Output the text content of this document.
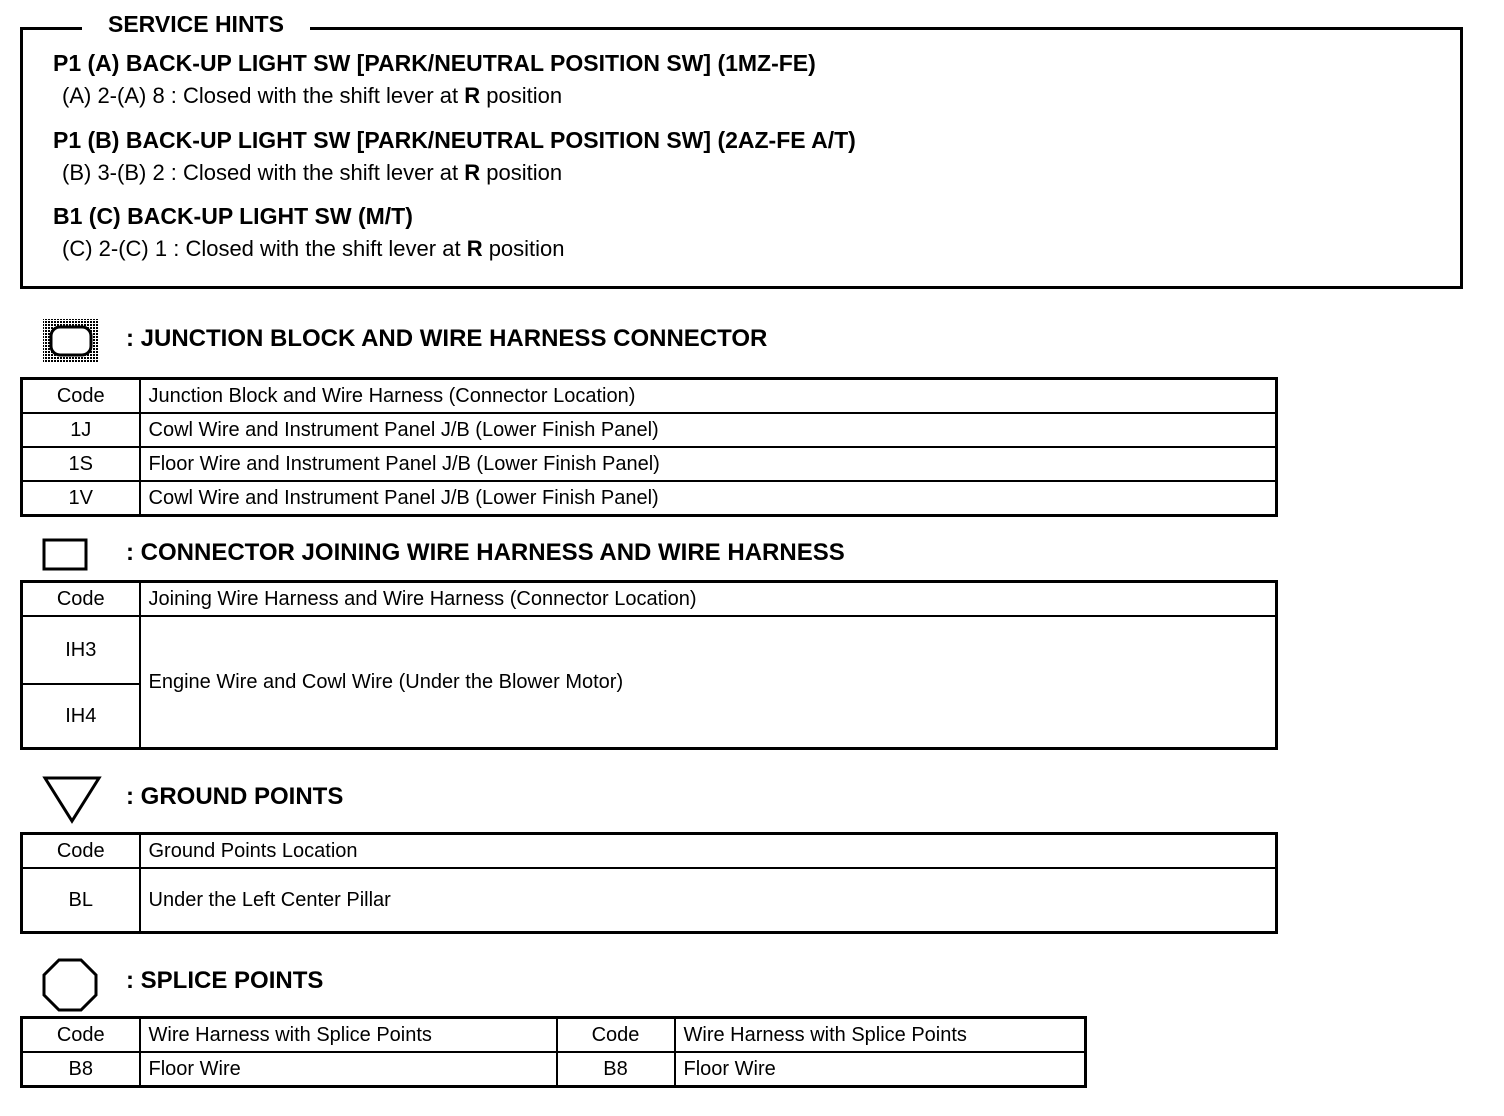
SERVICE HINTS
P1 (A) BACK-UP LIGHT SW [PARK/NEUTRAL POSITION SW] (1MZ-FE)
(A) 2-(A) 8 : Closed with the shift lever at R position
P1 (B) BACK-UP LIGHT SW [PARK/NEUTRAL POSITION SW] (2AZ-FE A/T)
(B) 3-(B) 2 : Closed with the shift lever at R position
B1 (C) BACK-UP LIGHT SW (M/T)
(C) 2-(C) 1 : Closed with the shift lever at R position
: JUNCTION BLOCK AND WIRE HARNESS CONNECTOR
Code	Junction Block and Wire Harness (Connector Location)
1J	Cowl Wire and Instrument Panel J/B (Lower Finish Panel)
1S	Floor Wire and Instrument Panel J/B (Lower Finish Panel)
1V	Cowl Wire and Instrument Panel J/B (Lower Finish Panel)
: CONNECTOR JOINING WIRE HARNESS AND WIRE HARNESS
Code	Joining Wire Harness and Wire Harness (Connector Location)
IH3	Engine Wire and Cowl Wire (Under the Blower Motor)
IH4	
: GROUND POINTS
Code	Ground Points Location
BL	Under the Left Center Pillar
: SPLICE POINTS
Code	Wire Harness with Splice Points	Code	Wire Harness with Splice Points
B8	Floor Wire	B8	Floor Wire
